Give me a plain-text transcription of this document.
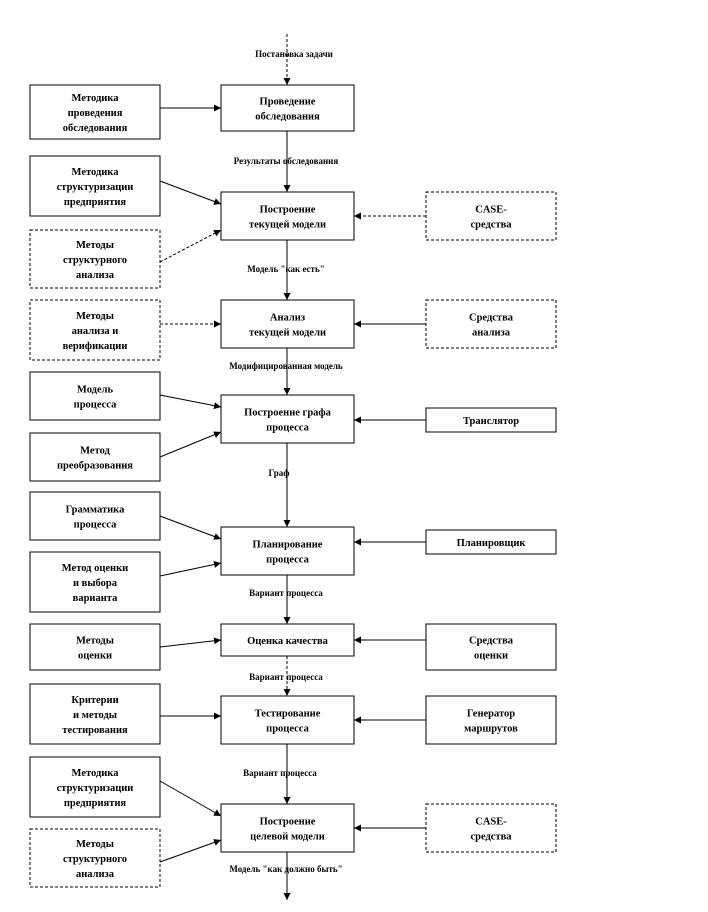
Проведение
обследования
Построение
текущей модели
Анализ
текущей модели
Построение графа
процесса
Планирование
процесса
Оценка качества
Тестирование
процесса
Построение
целевой модели
Методика
проведения
обследования
Методика
структуризации
предприятия
Методы
структурного
анализа
Методы
анализа и
верификации
Модель
процесса
Метод
преобразования
Грамматика
процесса
Метод оценки
и выбора
варианта
Методы
оценки
Критерии
и методы
тестирования
Методика
структуризации
предприятия
Методы
структурного
анализа
CASE-
средства
Средства
анализа
Транслятор
Планировщик
Средства
оценки
Генератор
маршрутов
CASE-
средства
Постановка задачи
Результаты обследования
Модель "как есть"
Модифицированная модель
Граф
Вариант процесса
Вариант процесса
Вариант процесса
Модель "как должно быть"
